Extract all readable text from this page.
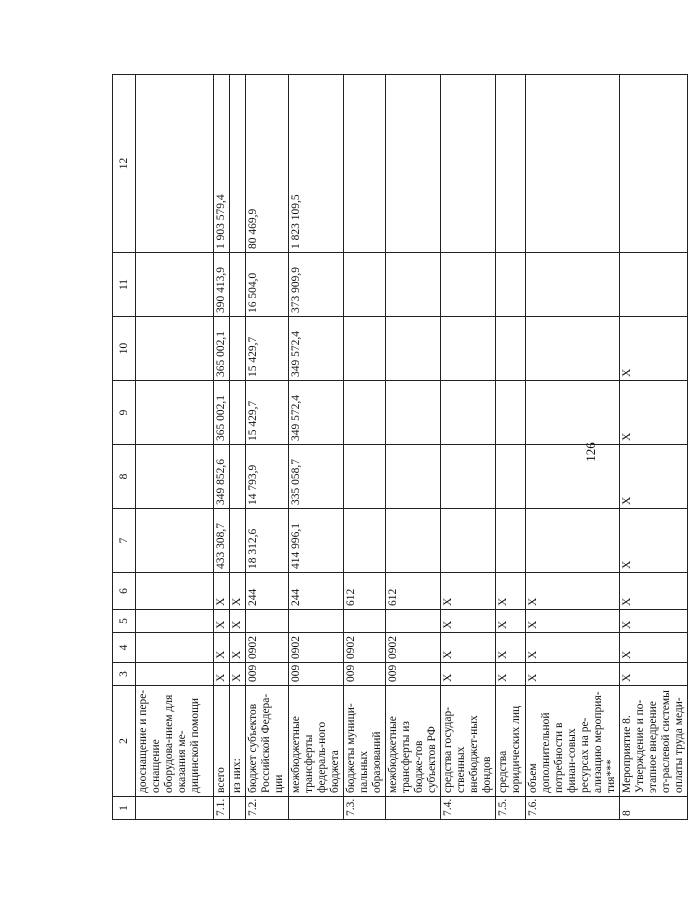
126
1	2	3	4	5	6	7	8	9	10	11	12
	дооснащение и пере-оснащение оборудова-нием для оказания ме-дицинской помощи										
7.1.	всего	X	X	X	X	433 308,7	349 852,6	365 002,1	365 002,1	390 413,9	1 903 579,4
	из них:	X	X	X	X						
7.2.	бюджет субъектов Российской Федера-ции	009	0902		244	18 312,6	14 793,9	15 429,7	15 429,7	16 504,0	80 469,9
	межбюджетные трансферты федераль-ного бюджета	009	0902		244	414 996,1	335 058,7	349 572,4	349 572,4	373 909,9	1 823 109,5
7.3.	бюджеты муници-пальных образований	009	0902		612						
	межбюджетные трансферты из бюдже-тов субъектов РФ	009	0902		612						
7.4.	средства государ-ственных внебюджет-ных фондов	X	X	X	X						
7.5.	средства юридических лиц	X	X	X	X						
7.6.	объем дополнительной потребности в финан-совых ресурсах на ре-ализацию мероприя-тия***	X	X	X	X						
8	Мероприятие 8. Утверждение и по-этапное внедрение от-раслевой системы оплаты труда меди-	X	X	X	X	X	X	X	X		
